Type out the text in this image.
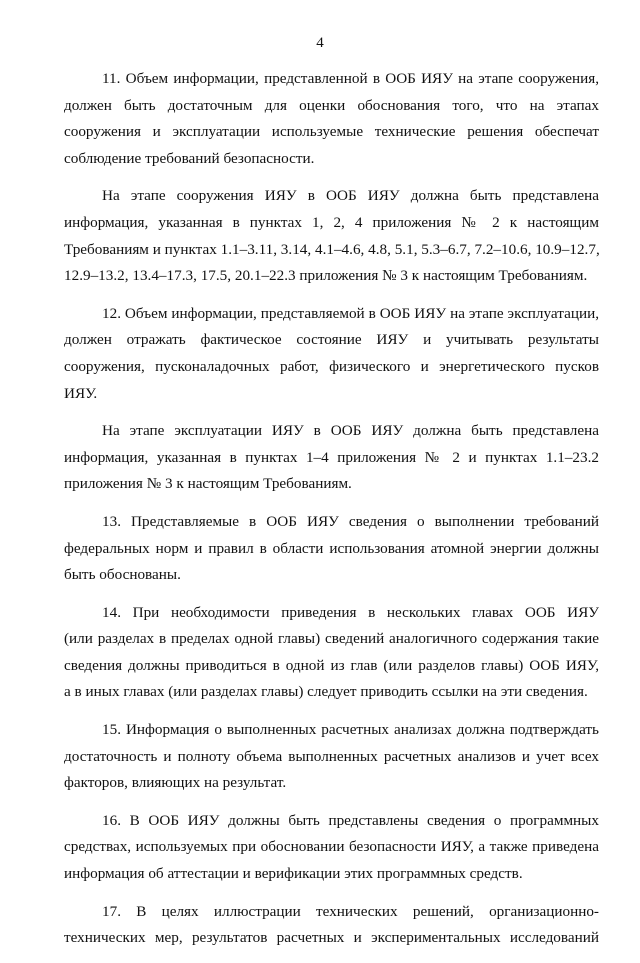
4
11. Объем информации, представленной в ООБ ИЯУ на этапе сооружения,
должен быть достаточным для оценки обоснования того, что на этапах
сооружения и эксплуатации используемые технические решения обеспечат
соблюдение требований безопасности.
На этапе сооружения ИЯУ в ООБ ИЯУ должна быть представлена
информация, указанная в пунктах 1, 2, 4 приложения № 2 к настоящим
Требованиям и пунктах 1.1–3.11, 3.14, 4.1–4.6, 4.8, 5.1, 5.3–6.7, 7.2–10.6, 10.9–12.7,
12.9–13.2, 13.4–17.3, 17.5, 20.1–22.3 приложения № 3 к настоящим Требованиям.
12. Объем информации, представляемой в ООБ ИЯУ на этапе эксплуатации,
должен отражать фактическое состояние ИЯУ и учитывать результаты
сооружения, пусконаладочных работ, физического и энергетического пусков
ИЯУ.
На этапе эксплуатации ИЯУ в ООБ ИЯУ должна быть представлена
информация, указанная в пунктах 1–4 приложения № 2 и пунктах 1.1–23.2
приложения № 3 к настоящим Требованиям.
13. Представляемые в ООБ ИЯУ сведения о выполнении требований
федеральных норм и правил в области использования атомной энергии должны
быть обоснованы.
14. При необходимости приведения в нескольких главах ООБ ИЯУ
(или разделах в пределах одной главы) сведений аналогичного содержания такие
сведения должны приводиться в одной из глав (или разделов главы) ООБ ИЯУ,
а в иных главах (или разделах главы) следует приводить ссылки на эти сведения.
15. Информация о выполненных расчетных анализах должна подтверждать
достаточность и полноту объема выполненных расчетных анализов и учет всех
факторов, влияющих на результат.
16. В ООБ ИЯУ должны быть представлены сведения о программных
средствах, используемых при обосновании безопасности ИЯУ, а также приведена
информация об аттестации и верификации этих программных средств.
17. В целях иллюстрации технических решений, организационно-
технических мер, результатов расчетных и экспериментальных исследований
